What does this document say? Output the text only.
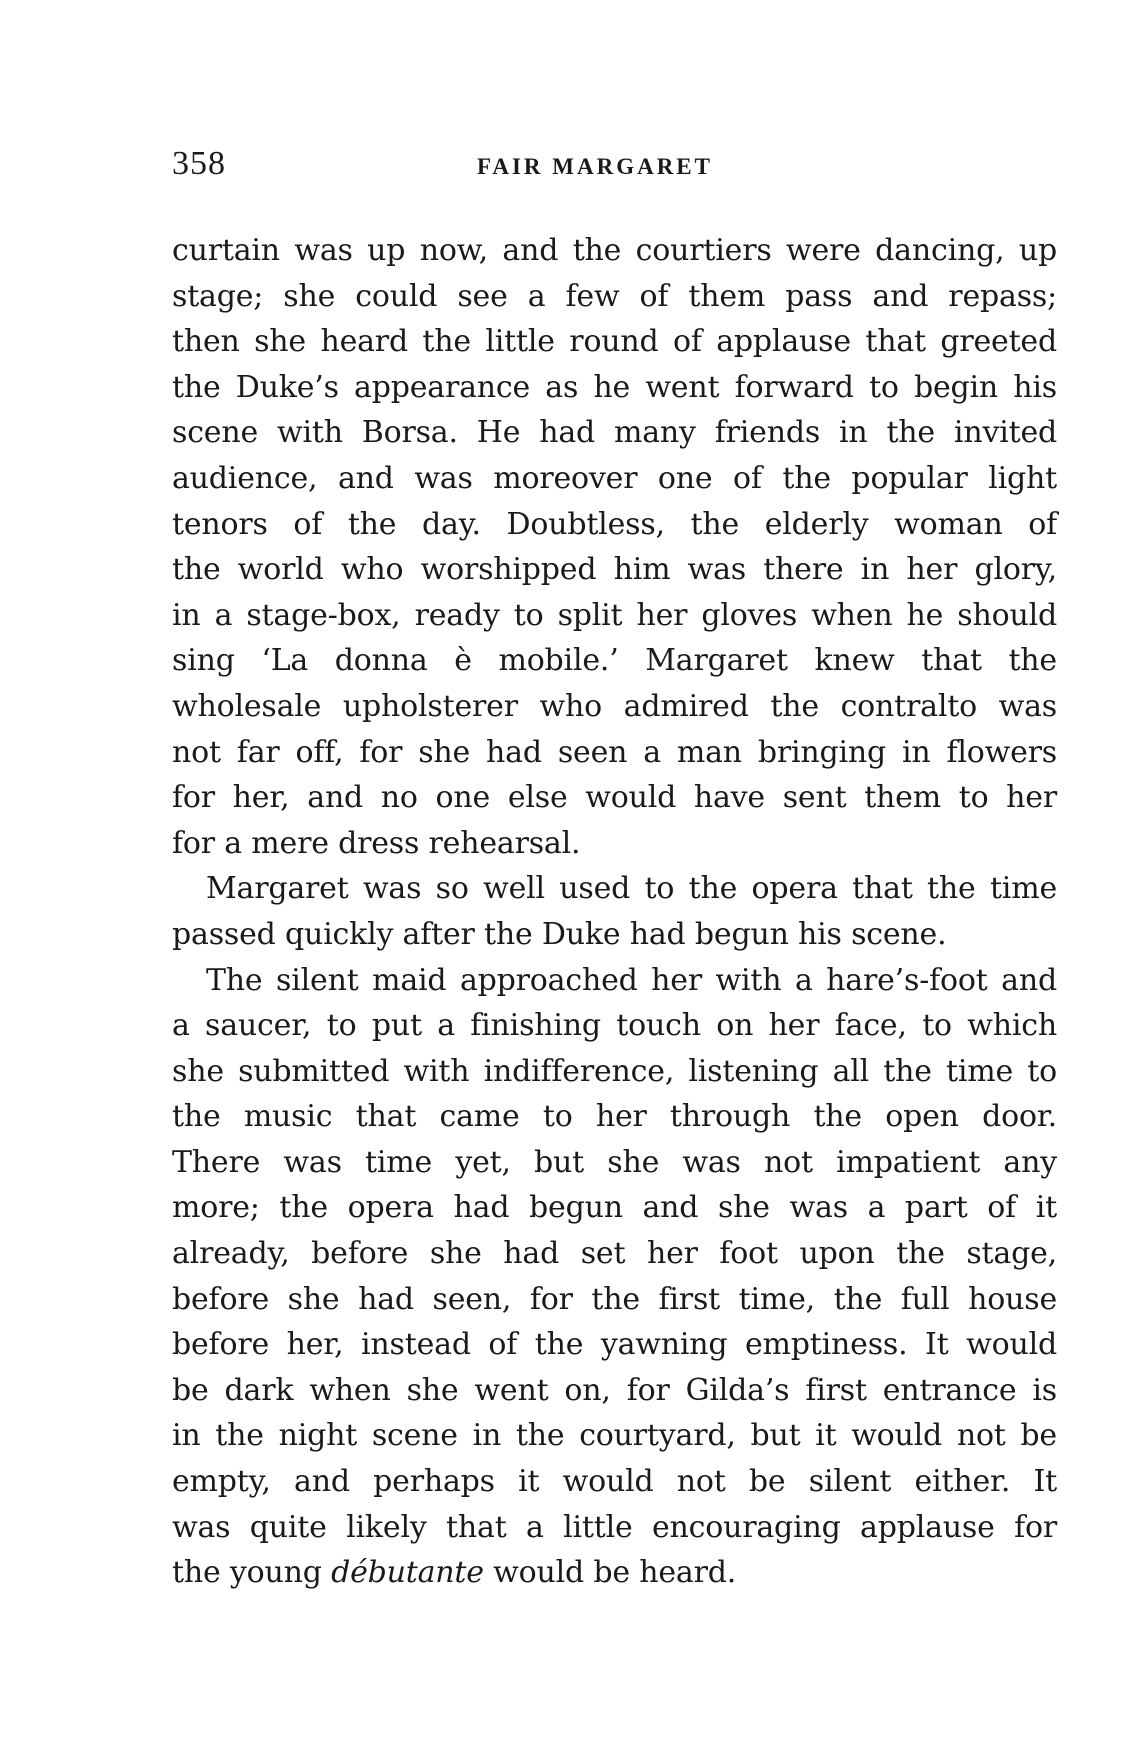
358	FAIR MARGARET
curtain was up now, and the courtiers were dancing, up
stage; she could see a few of them pass and repass;
then she heard the little round of applause that greeted
the Duke’s appearance as he went forward to begin his
scene with Borsa. He had many friends in the invited
audience, and was moreover one of the popular light
tenors of the day. Doubtless, the elderly woman of
the world who worshipped him was there in her glory,
in a stage-box, ready to split her gloves when he should
sing ‘La donna è mobile.’ Margaret knew that the
wholesale upholsterer who admired the contralto was
not far off, for she had seen a man bringing in flowers
for her, and no one else would have sent them to her
for a mere dress rehearsal.
Margaret was so well used to the opera that the time
passed quickly after the Duke had begun his scene.
The silent maid approached her with a hare’s-foot and
a saucer, to put a finishing touch on her face, to which
she submitted with indifference, listening all the time to
the music that came to her through the open door.
There was time yet, but she was not impatient any
more; the opera had begun and she was a part of it
already, before she had set her foot upon the stage,
before she had seen, for the first time, the full house
before her, instead of the yawning emptiness. It would
be dark when she went on, for Gilda’s first entrance is
in the night scene in the courtyard, but it would not be
empty, and perhaps it would not be silent either. It
was quite likely that a little encouraging applause for
the young débutante would be heard.
